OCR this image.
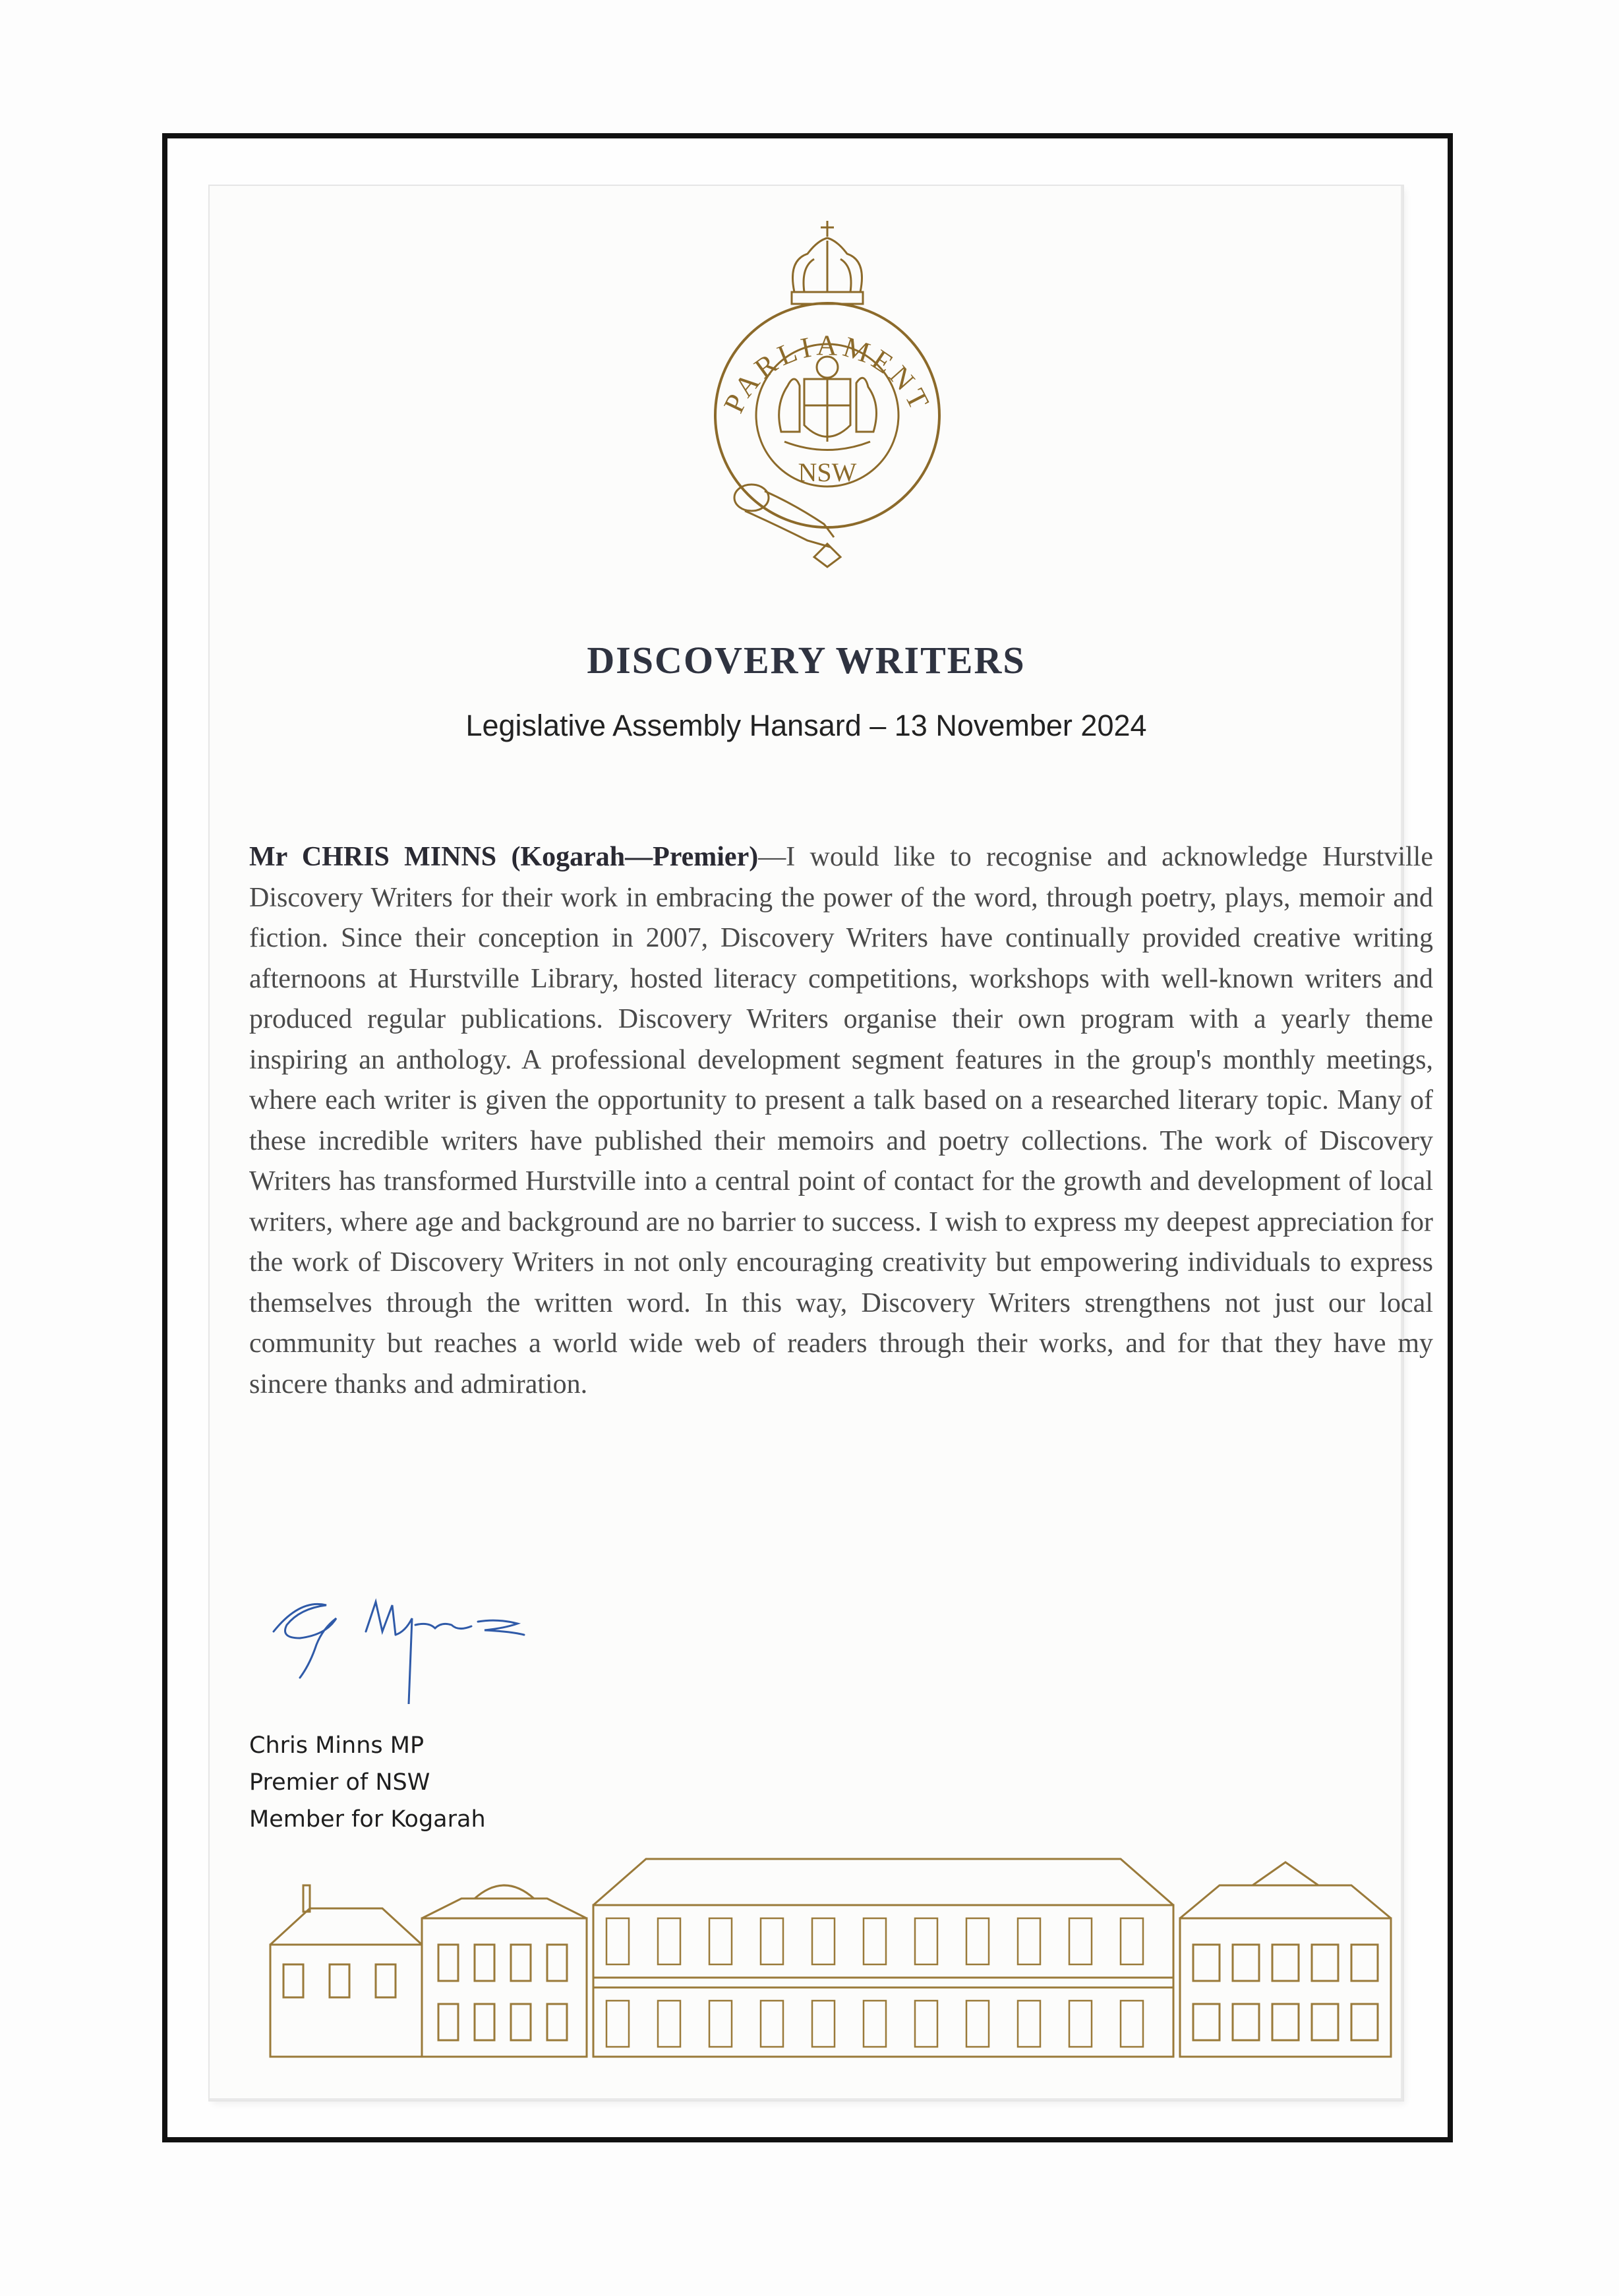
PARLIAMENT
NSW
DISCOVERY WRITERS
Legislative Assembly Hansard – 13 November 2024

Mr CHRIS MINNS (Kogarah—Premier)—I would like to recognise and acknowledge Hurstville Discovery Writers for their work in embracing the power of the word, through poetry, plays, memoir and fiction. Since their conception in 2007, Discovery Writers have continually provided creative writing afternoons at Hurstville Library, hosted literacy competitions, workshops with well-known writers and produced regular publications. Discovery Writers organise their own program with a yearly theme inspiring an anthology. A professional development segment features in the group's monthly meetings, where each writer is given the opportunity to present a talk based on a researched literary topic. Many of these incredible writers have published their memoirs and poetry collections. The work of Discovery Writers has transformed Hurstville into a central point of contact for the growth and development of local writers, where age and background are no barrier to success. I wish to express my deepest appreciation for the work of Discovery Writers in not only encouraging creativity but empowering individuals to express themselves through the written word. In this way, Discovery Writers strengthens not just our local community but reaches a world wide web of readers through their works, and for that they have my sincere thanks and admiration.

Chris Minns MP
Premier of NSW
Member for Kogarah
